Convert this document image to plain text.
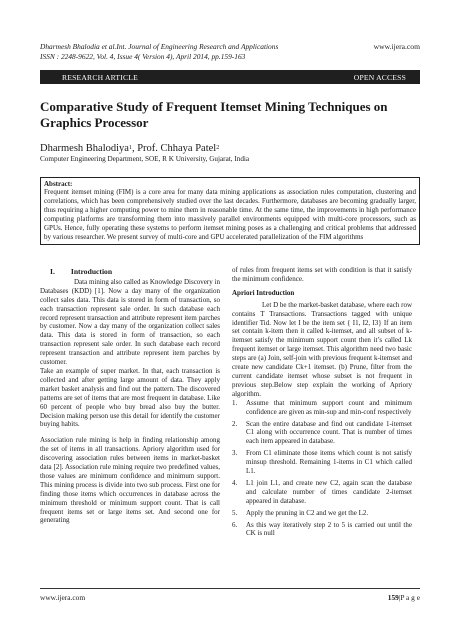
Dharmesh Bhalodia et al.Int. Journal of Engineering Research and Applications	www.ijera.com
ISSN : 2248-9622, Vol. 4, Issue 4( Version 4), April 2014, pp.159-163
RESEARCH ARTICLE	OPEN ACCESS
Comparative Study of Frequent Itemset Mining Techniques on Graphics Processor
Dharmesh Bhalodiya$^1$, Prof. Chhaya Patel$^2$
Computer Engineering Department, SOE, R K University, Gujarat, India
Abstract:
Frequent itemset mining (FIM) is a core area for many data mining applications as association rules computation, clustering and correlations, which has been comprehensively studied over the last decades. Furthermore, databases are becoming gradually larger, thus requiring a higher computing power to mine them in reasonable time. At the same time, the improvements in high performance computing platforms are transforming them into massively parallel environments equipped with multi-core processors, such as GPUs. Hence, fully operating these systems to perform itemset mining poses as a challenging and critical problems that addressed by various researcher. We present survey of multi-core and GPU accelerated parallelization of the FIM algorithms
I. Introduction

Data mining also called as Knowledge Discovery in Databases (KDD) [1]. Now a day many of the organization collect sales data. This data is stored in form of transaction, so each transaction represent sale order. In such database each record represent transaction and attribute represent item parches by customer. Now a day many of the organization collect sales data. This data is stored in form of transaction, so each transaction represent sale order. In such database each record represent transaction and attribute represent item parches by customer.

Take an example of super market. In that, each transaction is collected and after getting large amount of data. They apply market basket analysis and find out the pattern. The discovered patterns are set of items that are most frequent in database. Like 60 percent of people who buy bread also buy the butter. Decision making person use this detail for identify the customer buying habits.

Association rule mining is help in finding relationship among the set of items in all transactions. Apriory algorithm used for discovering association rules between items in market-basket data [2]. Association rule mining require two predefined values, those values are minimum confidence and minimum support. This mining process is divide into two sub process. First one for finding those items which occurrences in database across the minimum threshold or minimum support count. That is call frequent items set or large items set. And second one for generating

of rules from frequent items set with condition is that it satisfy the minimum confidence.

Apriori Introduction

Let D be the market-basket database, where each row contains T Transactions. Transactions tagged with unique identifier Tid. Now let I be the item set { I1, I2, I3} If an item set contain k-item then it called k-itemset, and all subset of k-itemset satisfy the minimum support count then it’s called Lk frequent itemset or large itemset. This algorithm need two basic steps are (a) Join, self-join with previous frequent k-itemset and create new candidate Ck+1 itemset. (b) Prune, filter from the current candidate itemset whose subset is not frequent in previous step.Below step explain the working of Apriory algorithm.

1.	Assume that minimum support count and minimum confidence are given as min-sup and min-conf respectively
2.	Scan the entire database and find out candidate 1-itemset C1 along with occurrence count. That is number of times each item appeared in database.
3.	From C1 eliminate those items which count is not satisfy minsup threshold. Remaining 1-items in C1 which called L1.
4.	L1 join L1, and create new C2, again scan the database and calculate number of times candidate 2-itemset appeared in database.
5.	Apply the pruning in C2 and we get the L2.
6.	As this way iteratively step 2 to 5 is carried out until the CK is null
www.ijera.com	159|P a g e
